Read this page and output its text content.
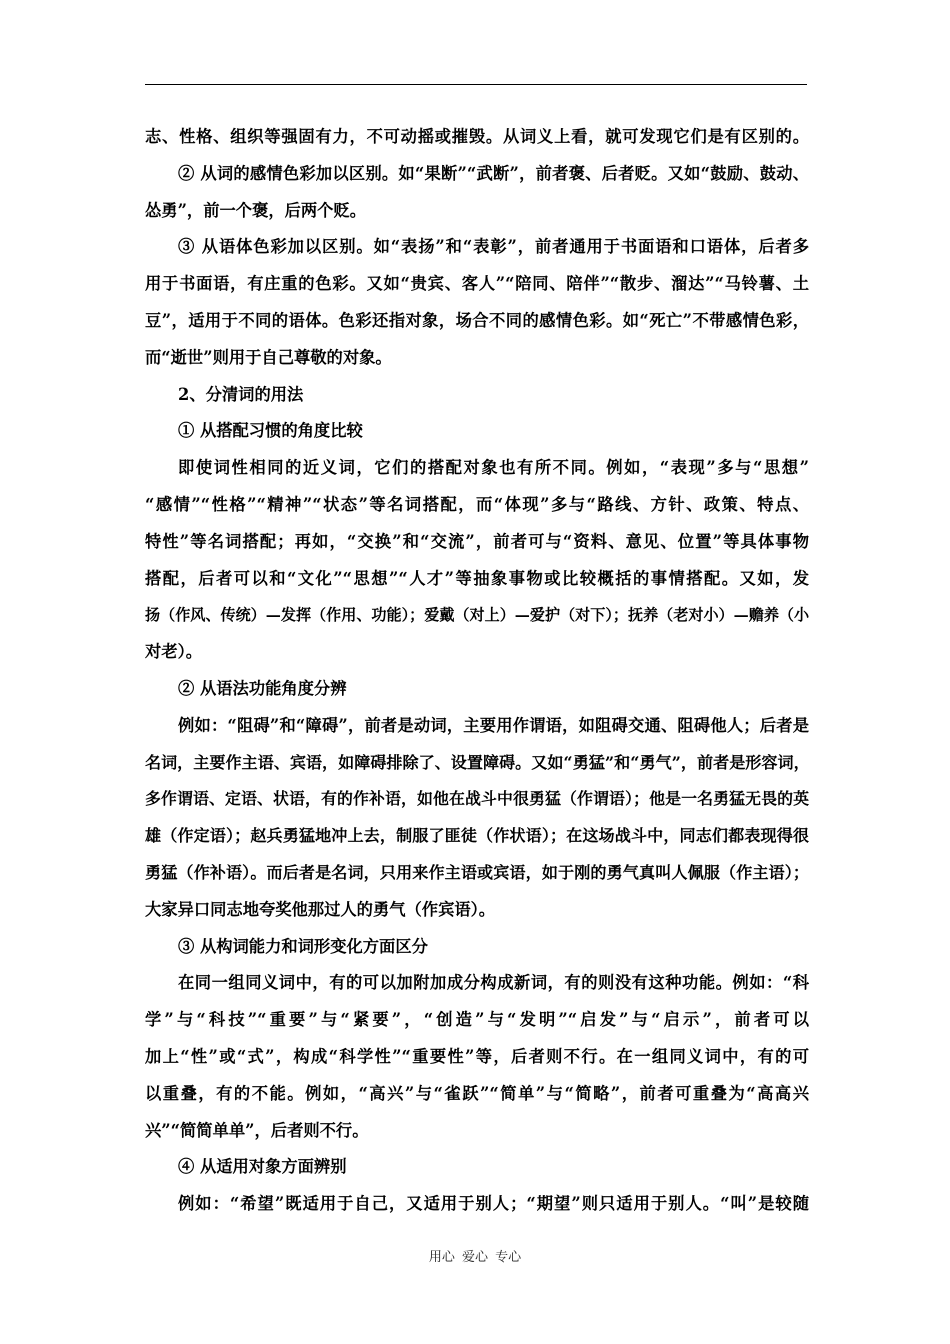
志、性格、组织等强固有力，不可动摇或摧毁。从词义上看，就可发现它们是有区别的。
② 从词的感情色彩加以区别。如“果断”“武断”，前者褒、后者贬。又如“鼓励、鼓动、
怂勇”，前一个褒，后两个贬。
③ 从语体色彩加以区别。如“表扬”和“表彰”，前者通用于书面语和口语体，后者多
用于书面语，有庄重的色彩。又如“贵宾、客人”“陪同、陪伴”“散步、溜达”“马铃薯、土
豆”，适用于不同的语体。色彩还指对象，场合不同的感情色彩。如“死亡”不带感情色彩，
而“逝世”则用于自己尊敬的对象。
2、分清词的用法
① 从搭配习惯的角度比较
即使词性相同的近义词，它们的搭配对象也有所不同。例如，“表现”多与“思想”
“感情”“性格”“精神”“状态”等名词搭配，而“体现”多与“路线、方针、政策、特点、
特性”等名词搭配；再如，“交换”和“交流”，前者可与“资料、意见、位置”等具体事物
搭配，后者可以和“文化”“思想”“人才”等抽象事物或比较概括的事情搭配。又如，发
扬（作风、传统）—发挥（作用、功能）；爱戴（对上）—爱护（对下）；抚养（老对小）—赡养（小
对老）。
② 从语法功能角度分辨
例如：“阻碍”和“障碍”，前者是动词，主要用作谓语，如阻碍交通、阻碍他人；后者是
名词，主要作主语、宾语，如障碍排除了、设置障碍。又如“勇猛”和“勇气”，前者是形容词，
多作谓语、定语、状语，有的作补语，如他在战斗中很勇猛（作谓语）；他是一名勇猛无畏的英
雄（作定语）；赵兵勇猛地冲上去，制服了匪徒（作状语）；在这场战斗中，同志们都表现得很
勇猛（作补语）。而后者是名词，只用来作主语或宾语，如于刚的勇气真叫人佩服（作主语）；
大家异口同志地夸奖他那过人的勇气（作宾语）。
③ 从构词能力和词形变化方面区分
在同一组同义词中，有的可以加附加成分构成新词，有的则没有这种功能。例如：“科
学”与“科技”“重要”与“紧要”，“创造”与“发明”“启发”与“启示”，前者可以
加上“性”或“式”，构成“科学性”“重要性”等，后者则不行。在一组同义词中，有的可
以重叠，有的不能。例如，“高兴”与“雀跃”“简单”与“简略”，前者可重叠为“高高兴
兴”“简简单单”，后者则不行。
④ 从适用对象方面辨别
例如：“希望”既适用于自己，又适用于别人；“期望”则只适用于别人。“叫”是较随
用心 爱心 专心
